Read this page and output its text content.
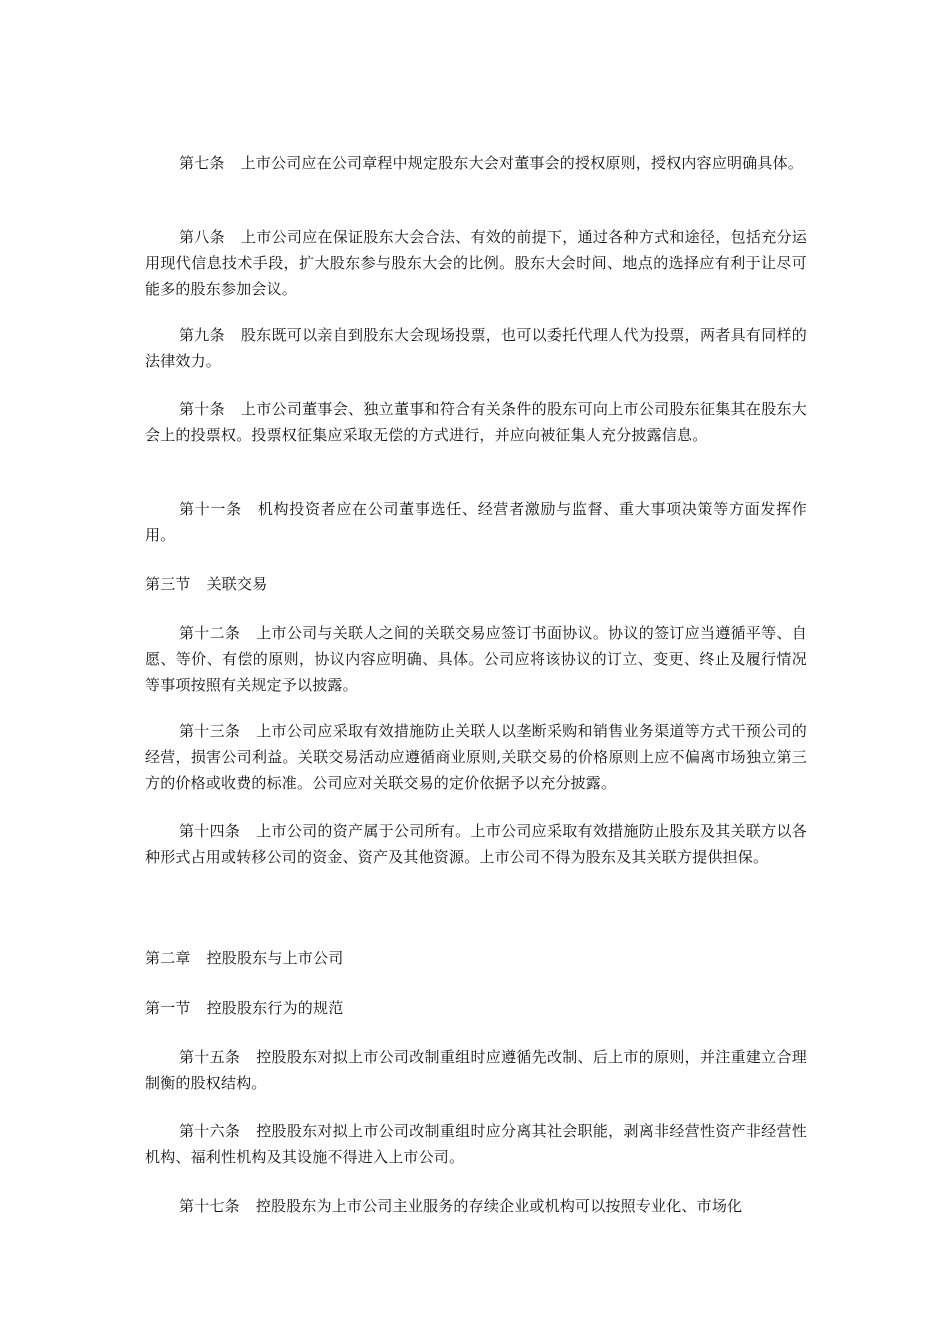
第七条 上市公司应在公司章程中规定股东大会对董事会的授权原则，授权内容应明确具体。

第八条 上市公司应在保证股东大会合法、有效的前提下，通过各种方式和途径，包括充分运用现代信息技术手段，扩大股东参与股东大会的比例。股东大会时间、地点的选择应有利于让尽可能多的股东参加会议。

第九条 股东既可以亲自到股东大会现场投票，也可以委托代理人代为投票，两者具有同样的法律效力。

第十条 上市公司董事会、独立董事和符合有关条件的股东可向上市公司股东征集其在股东大会上的投票权。投票权征集应采取无偿的方式进行，并应向被征集人充分披露信息。

第十一条 机构投资者应在公司董事选任、经营者激励与监督、重大事项决策等方面发挥作用。

第三节 关联交易

第十二条 上市公司与关联人之间的关联交易应签订书面协议。协议的签订应当遵循平等、自愿、等价、有偿的原则，协议内容应明确、具体。公司应将该协议的订立、变更、终止及履行情况等事项按照有关规定予以披露。

第十三条 上市公司应采取有效措施防止关联人以垄断采购和销售业务渠道等方式干预公司的经营，损害公司利益。关联交易活动应遵循商业原则,关联交易的价格原则上应不偏离市场独立第三方的价格或收费的标准。公司应对关联交易的定价依据予以充分披露。

第十四条 上市公司的资产属于公司所有。上市公司应采取有效措施防止股东及其关联方以各种形式占用或转移公司的资金、资产及其他资源。上市公司不得为股东及其关联方提供担保。

第二章 控股股东与上市公司

第一节 控股股东行为的规范

第十五条 控股股东对拟上市公司改制重组时应遵循先改制、后上市的原则，并注重建立合理制衡的股权结构。

第十六条 控股股东对拟上市公司改制重组时应分离其社会职能，剥离非经营性资产非经营性机构、福利性机构及其设施不得进入上市公司。

第十七条 控股股东为上市公司主业服务的存续企业或机构可以按照专业化、市场化
